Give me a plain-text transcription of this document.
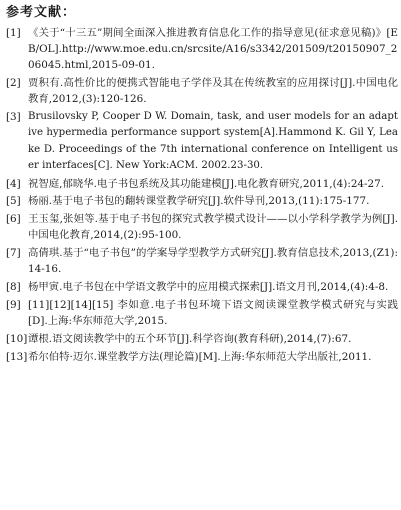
参考文献：
[1] 《关于“十三五”期间全面深入推进教育信息化工作的指导意见(征求意见稿)》[EB/OL].http://www.moe.edu.cn/srcsite/A16/s3342/201509/t20150907_206045.html,2015-09-01.
[2] 贾积有.高性价比的便携式智能电子学伴及其在传统教室的应用探讨[J].中国电化教育,2012,(3):120-126.
[3] Brusilovsky P, Cooper D W. Domain, task, and user models for an adaptive hypermedia performance support system[A].Hammond K. Gil Y, Leake D. Proceedings of the 7th international conference on Intelligent user interfaces[C]. New York:ACM. 2002.23-30.
[4] 祝智庭,郁晓华.电子书包系统及其功能建模[J].电化教育研究,2011,(4):24-27.
[5] 杨丽.基于电子书包的翻转课堂教学研究[J].软件导刊,2013,(11):175-177.
[6] 王玉玺,张妲等.基于电子书包的探究式教学模式设计——以小学科学教学为例[J].中国电化教育,2014,(2):95-100.
[7] 高倩琪.基于“电子书包”的学案导学型教学方式研究[J].教育信息技术,2013,(Z1):14-16.
[8] 杨甲寅.电子书包在中学语文教学中的应用模式探索[J].语文月刊,2014,(4):4-8.
[9] [11][12][14][15] 李如意.电子书包环境下语文阅读课堂教学模式研究与实践[D].上海:华东师范大学,2015.
[10] 谭根.语文阅读教学中的五个环节[J].科学咨询(教育科研),2014,(7):67.
[13] 希尔伯特·迈尔.课堂教学方法(理论篇)[M].上海:华东师范大学出版社,2011.
